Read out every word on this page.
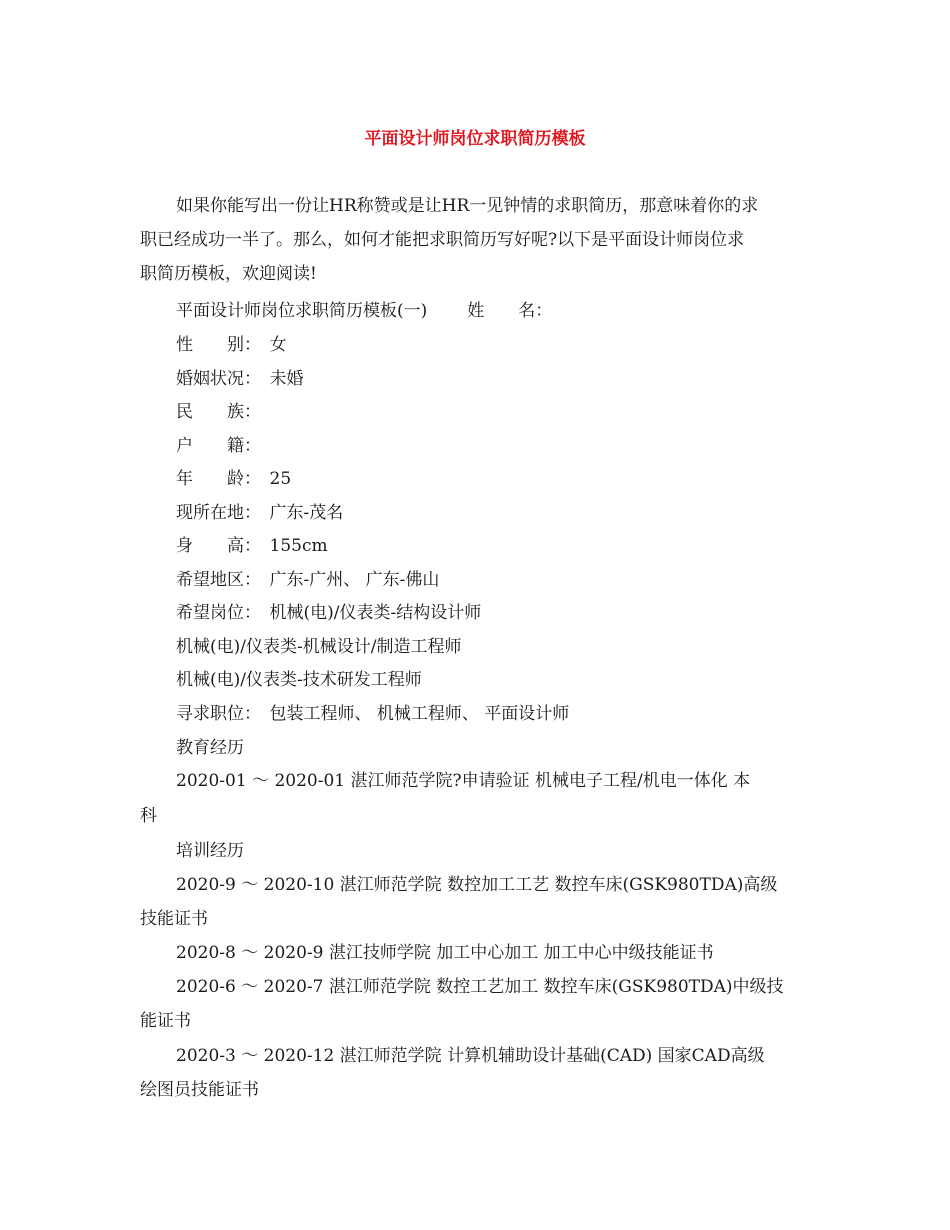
平面设计师岗位求职简历模板
如果你能写出一份让HR称赞或是让HR一见钟情的求职简历，那意味着你的求
职已经成功一半了。那么，如何才能把求职简历写好呢?以下是平面设计师岗位求
职简历模板，欢迎阅读!
平面设计师岗位求职简历模板(一) 姓　　名：
性　　别：　女
婚姻状况：　未婚
民　　族：
户　　籍：
年　　龄：　25
现所在地：　广东-茂名
身　　高：　155cm
希望地区：　广东-广州、 广东-佛山
希望岗位：　机械(电)/仪表类-结构设计师
机械(电)/仪表类-机械设计/制造工程师
机械(电)/仪表类-技术研发工程师
寻求职位：　包装工程师、 机械工程师、 平面设计师
教育经历
2020-01 ～ 2020-01 湛江师范学院?申请验证 机械电子工程/机电一体化 本
科
培训经历
2020-9 ～ 2020-10 湛江师范学院 数控加工工艺 数控车床(GSK980TDA)高级
技能证书
2020-8 ～ 2020-9 湛江技师学院 加工中心加工 加工中心中级技能证书
2020-6 ～ 2020-7 湛江师范学院 数控工艺加工 数控车床(GSK980TDA)中级技
能证书
2020-3 ～ 2020-12 湛江师范学院 计算机辅助设计基础(CAD) 国家CAD高级
绘图员技能证书
